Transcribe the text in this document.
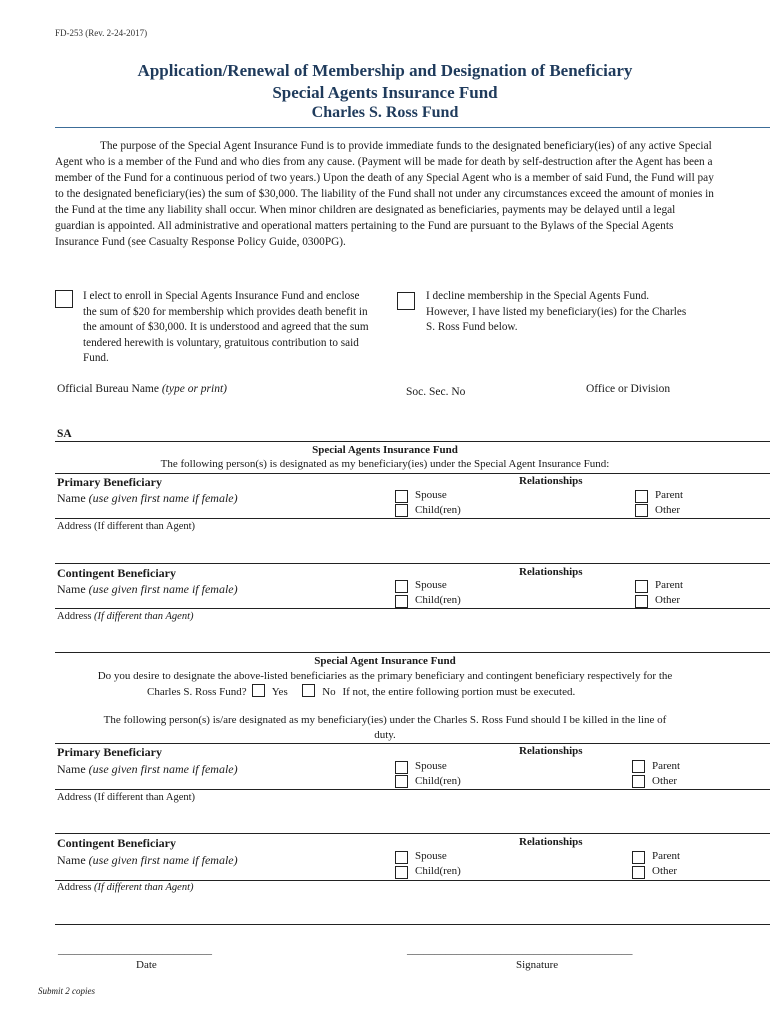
FD-253 (Rev. 2-24-2017)
Application/Renewal of Membership and Designation of Beneficiary
Special Agents Insurance Fund
Charles S. Ross Fund
The purpose of the Special Agent Insurance Fund is to provide immediate funds to the designated beneficiary(ies) of any active Special Agent who is a member of the Fund and who dies from any cause. (Payment will be made for death by self-destruction after the Agent has been a member of the Fund for a continuous period of two years.) Upon the death of any Special Agent who is a member of said Fund, the Fund will pay to the designated beneficiary(ies) the sum of $30,000. The liability of the Fund shall not under any circumstances exceed the amount of monies in the Fund at the time any liability shall occur. When minor children are designated as beneficiaries, payments may be delayed until a legal guardian is appointed. All administrative and operational matters pertaining to the Fund are pursuant to the Bylaws of the Special Agents Insurance Fund (see Casualty Response Policy Guide, 0300PG).
I elect to enroll in Special Agents Insurance Fund and enclose the sum of $20 for membership which provides death benefit in the amount of $30,000. It is understood and agreed that the sum tendered herewith is voluntary, gratuitous contribution to said Fund.
I decline membership in the Special Agents Fund. However, I have listed my beneficiary(ies) for the Charles S. Ross Fund below.
Official Bureau Name (type or print)	Soc. Sec. No	Office or Division
SA
Special Agents Insurance Fund
The following person(s) is designated as my beneficiary(ies) under the Special Agent Insurance Fund:
Primary Beneficiary
Name (use given first name if female)
Relationships
Spouse
Child(ren)
Parent
Other
Address (If different than Agent)
Contingent Beneficiary
Name (use given first name if female)
Relationships
Spouse
Child(ren)
Parent
Other
Address (If different than Agent)
Special Agent Insurance Fund
Do you desire to designate the above-listed beneficiaries as the primary beneficiary and contingent beneficiary respectively for the
Charles S. Ross Fund? Yes	No If not, the entire following portion must be executed.
The following person(s) is/are designated as my beneficiary(ies) under the Charles S. Ross Fund should I be killed in the line of
duty.
Primary Beneficiary
Name (use given first name if female)
Relationships
Spouse
Child(ren)
Parent
Other
Address (If different than Agent)
Contingent Beneficiary
Name (use given first name if female)
Relationships
Spouse
Child(ren)
Parent
Other
Address (If different than Agent)
____________________________	_________________________________________
Date	Signature
Submit 2 copies
